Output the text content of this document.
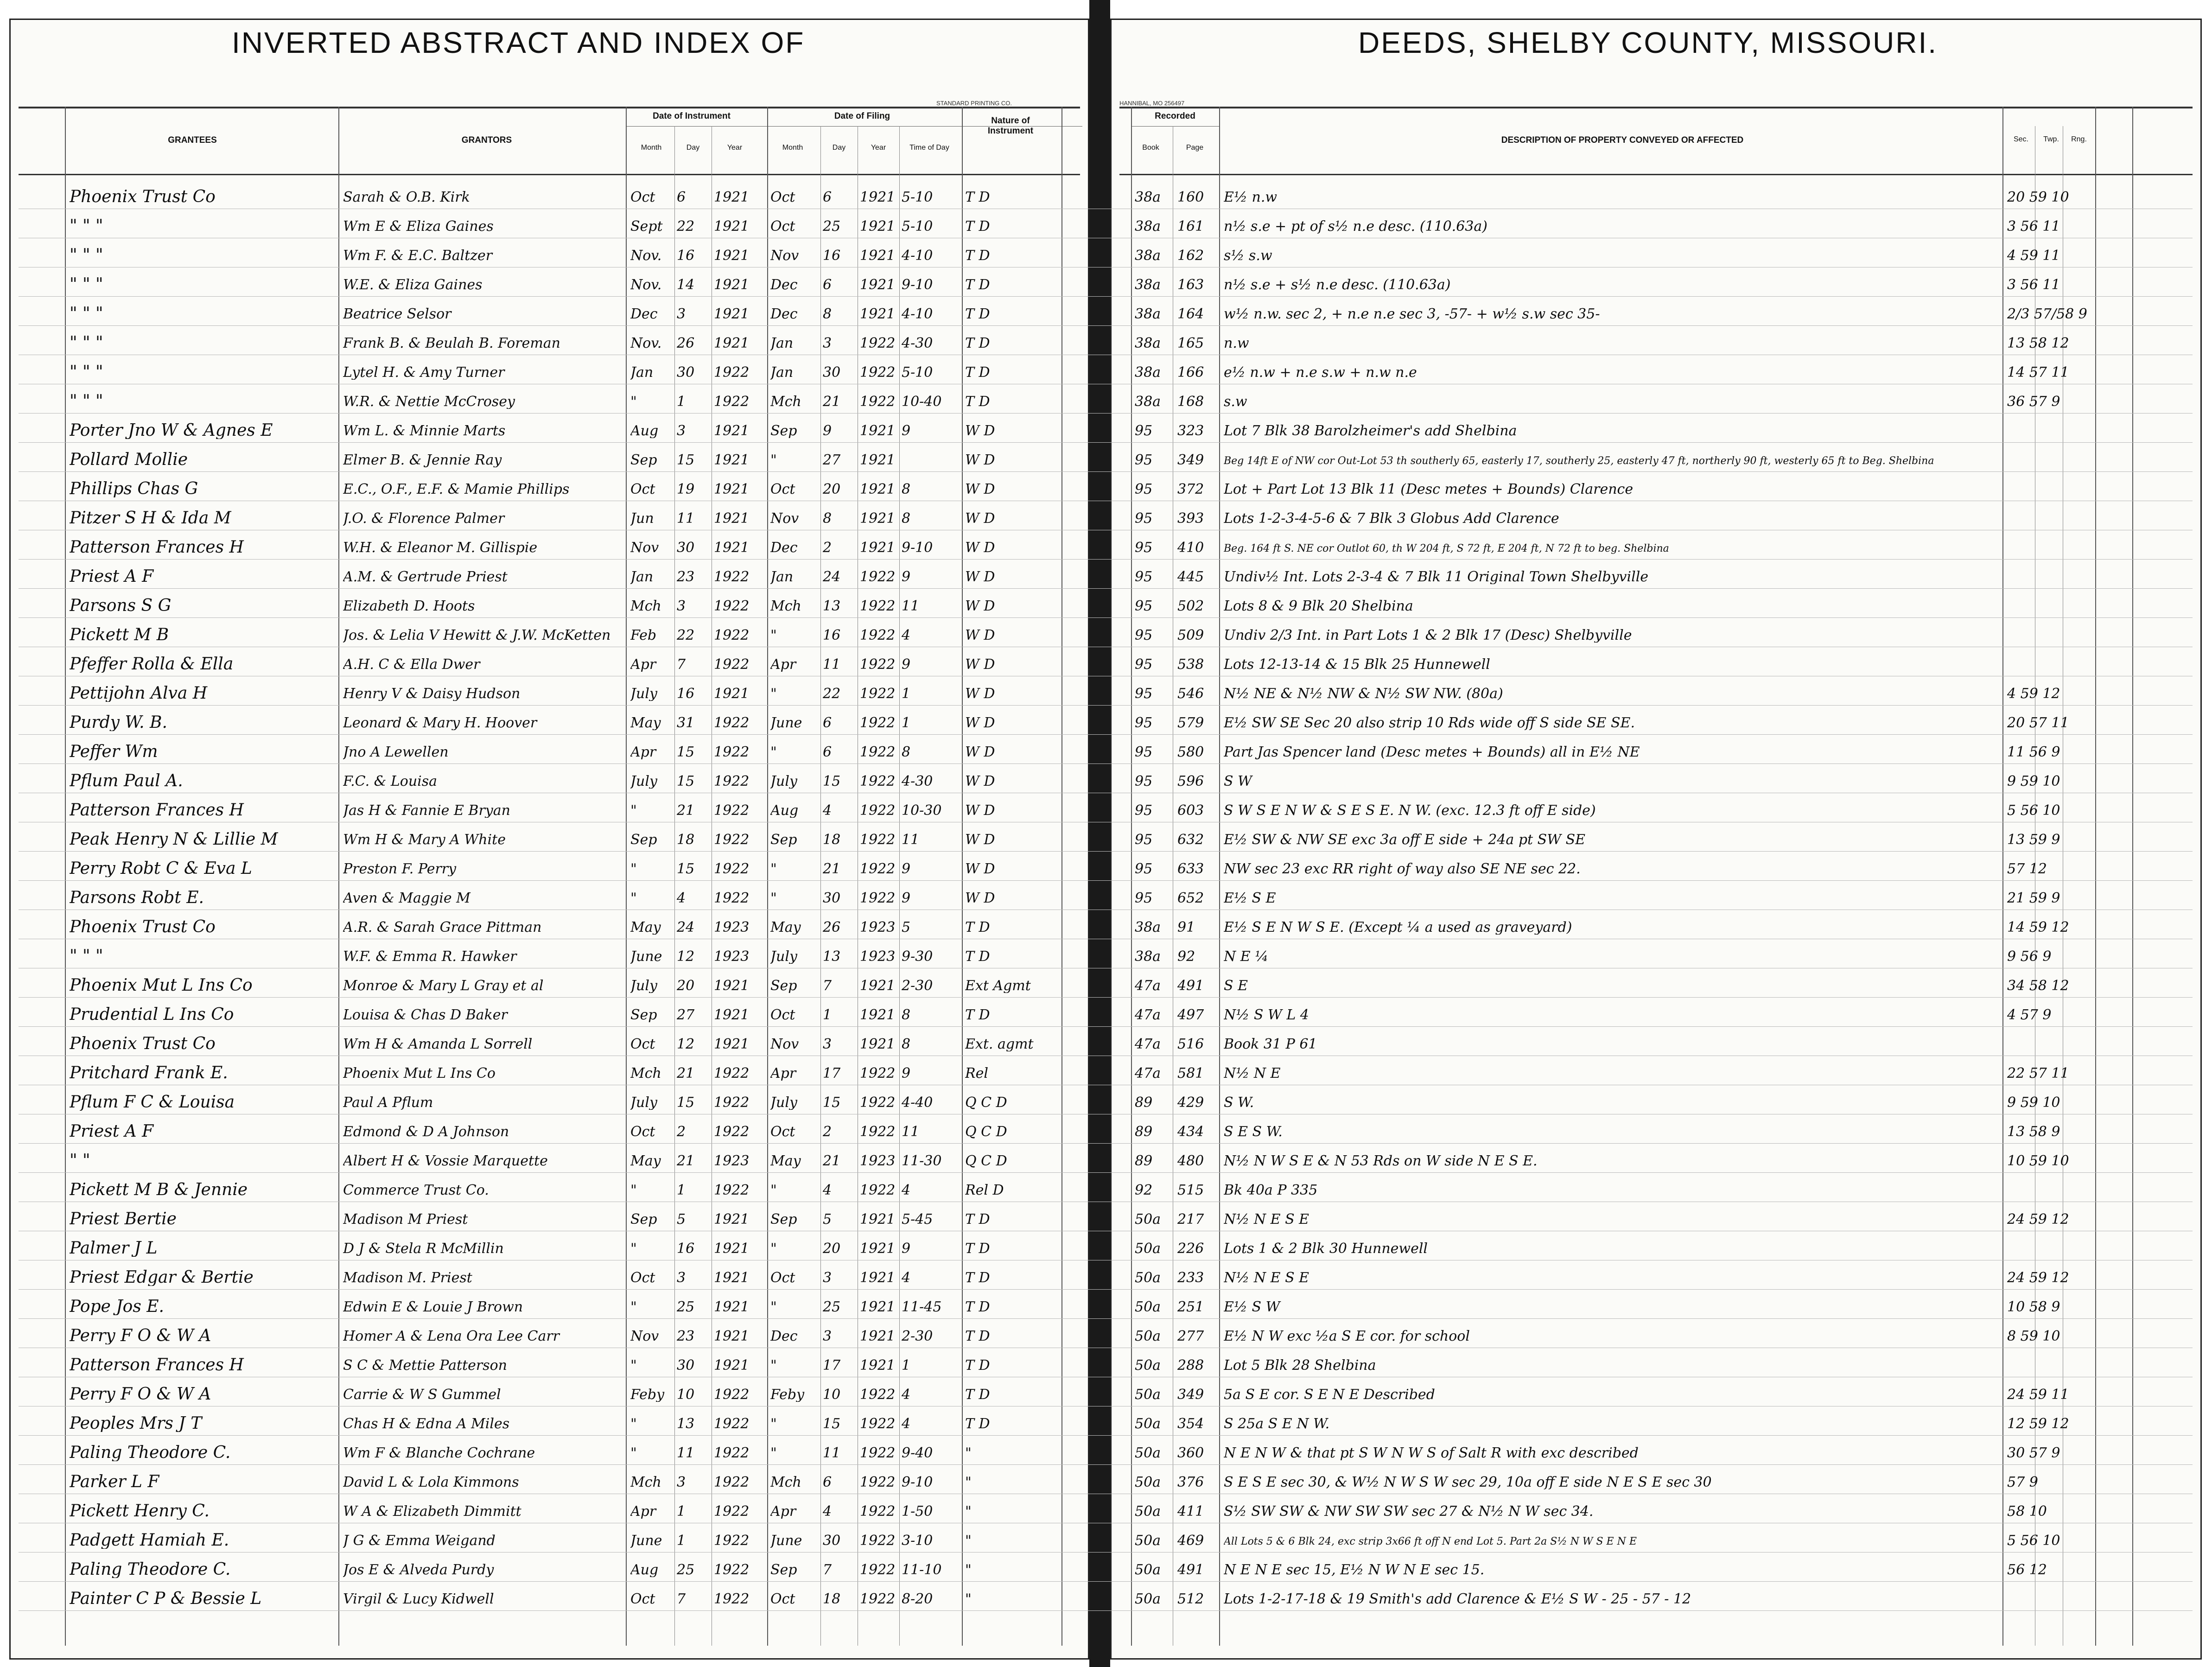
INVERTED ABSTRACT AND INDEX OF	DEEDS, SHELBY COUNTY, MISSOURI.
STANDARD PRINTING CO.	HANNIBAL, MO 256497
GRANTEES	GRANTORS
Date of Instrument	Date of Filing	Nature of Instrument
Recorded
DESCRIPTION OF PROPERTY CONVEYED OR AFFECTED
Month	Day	Year	Month	Day	Year	Time of Day	Book	Page
Sec.	Twp.	Rng.
Phoenix Trust Co	Sarah & O.B. Kirk	Oct	6	1921	Oct	6	1921 5-10	T D	38a	160	E½ n.w	20 59 10
" " "	Wm E & Eliza Gaines	Sept	22	1921	Oct	25	1921 5-10	T D	38a	161	n½ s.e + pt of s½ n.e desc. (110.63a)	3 56 11
" " "	Wm F. & E.C. Baltzer	Nov.	16	1921	Nov	16	1921 4-10	T D	38a	162	s½ s.w	4 59 11
" " "	W.E. & Eliza Gaines	Nov.	14	1921	Dec	6	1921 9-10	T D	38a	163	n½ s.e + s½ n.e desc. (110.63a)	3 56 11
" " "	Beatrice Selsor	Dec	3	1921	Dec	8	1921 4-10	T D	38a	164	w½ n.w. sec 2, + n.e n.e sec 3, -57- + w½ s.w sec 35-	2/3 57/58 9
" " "	Frank B. & Beulah B. Foreman	Nov.	26	1921	Jan	3	1922 4-30	T D	38a	165	n.w	13 58 12
" " "	Lytel H. & Amy Turner	Jan	30	1922	Jan	30	1922 5-10	T D	38a	166	e½ n.w + n.e s.w + n.w n.e	14 57 11
" " "	W.R. & Nettie McCrosey	"	1	1922	Mch	21	1922 10-40	T D	38a	168	s.w	36 57 9
Porter Jno W & Agnes E	Wm L. & Minnie Marts	Aug	3	1921	Sep	9	1921 9	W D	95	323	Lot 7 Blk 38 Barolzheimer's add Shelbina
Pollard Mollie	Elmer B. & Jennie Ray	Sep	15	1921	"	27	1921	W D	95	349	Beg 14ft E of NW cor Out-Lot 53 th southerly 65, easterly 17, southerly 25, easterly 47 ft, northerly 90 ft, westerly 65 ft to Beg. Shelbina
Phillips Chas G	E.C., O.F., E.F. & Mamie Phillips	Oct	19	1921	Oct	20	1921 8	W D	95	372	Lot + Part Lot 13 Blk 11 (Desc metes + Bounds) Clarence
Pitzer S H & Ida M	J.O. & Florence Palmer	Jun	11	1921	Nov	8	1921 8	W D	95	393	Lots 1-2-3-4-5-6 & 7 Blk 3 Globus Add Clarence
Patterson Frances H	W.H. & Eleanor M. Gillispie	Nov	30	1921	Dec	2	1921 9-10	W D	95	410	Beg. 164 ft S. NE cor Outlot 60, th W 204 ft, S 72 ft, E 204 ft, N 72 ft to beg. Shelbina
Priest A F	A.M. & Gertrude Priest	Jan	23	1922	Jan	24	1922 9	W D	95	445	Undiv½ Int. Lots 2-3-4 & 7 Blk 11 Original Town Shelbyville
Parsons S G	Elizabeth D. Hoots	Mch	3	1922	Mch	13	1922 11	W D	95	502	Lots 8 & 9 Blk 20 Shelbina
Pickett M B	Jos. & Lelia V Hewitt & J.W. McKetten	Feb	22	1922	"	16	1922 4	W D	95	509	Undiv 2/3 Int. in Part Lots 1 & 2 Blk 17 (Desc) Shelbyville
Pfeffer Rolla & Ella	A.H. C & Ella Dwer	Apr	7	1922	Apr	11	1922 9	W D	95	538	Lots 12-13-14 & 15 Blk 25 Hunnewell
Pettijohn Alva H	Henry V & Daisy Hudson	July	16	1921	"	22	1922 1	W D	95	546	N½ NE & N½ NW & N½ SW NW. (80a)	4 59 12
Purdy W. B.	Leonard & Mary H. Hoover	May	31	1922	June	6	1922 1	W D	95	579	E½ SW SE Sec 20 also strip 10 Rds wide off S side SE SE.	20 57 11
Peffer Wm	Jno A Lewellen	Apr	15	1922	"	6	1922 8	W D	95	580	Part Jas Spencer land (Desc metes + Bounds) all in E½ NE	11 56 9
Pflum Paul A.	F.C. & Louisa	July	15	1922	July	15	1922 4-30	W D	95	596	S W	9 59 10
Patterson Frances H	Jas H & Fannie E Bryan	"	21	1922	Aug	4	1922 10-30	W D	95	603	S W S E N W & S E S E. N W. (exc. 12.3 ft off E side)	5 56 10
Peak Henry N & Lillie M	Wm H & Mary A White	Sep	18	1922	Sep	18	1922 11	W D	95	632	E½ SW & NW SE exc 3a off E side + 24a pt SW SE	13 59 9
Perry Robt C & Eva L	Preston F. Perry	"	15	1922	"	21	1922 9	W D	95	633	NW sec 23 exc RR right of way also SE NE sec 22.	57 12
Parsons Robt E.	Aven & Maggie M	"	4	1922	"	30	1922 9	W D	95	652	E½ S E	21 59 9
Phoenix Trust Co	A.R. & Sarah Grace Pittman	May	24	1923	May	26	1923 5	T D	38a	91	E½ S E N W S E. (Except ¼ a used as graveyard)	14 59 12
" " "	W.F. & Emma R. Hawker	June	12	1923	July	13	1923 9-30	T D	38a	92	N E ¼	9 56 9
Phoenix Mut L Ins Co	Monroe & Mary L Gray et al	July	20	1921	Sep	7	1921 2-30	Ext Agmt	47a	491	S E	34 58 12
Prudential L Ins Co	Louisa & Chas D Baker	Sep	27	1921	Oct	1	1921 8	T D	47a	497	N½ S W L 4	4 57 9
Phoenix Trust Co	Wm H & Amanda L Sorrell	Oct	12	1921	Nov	3	1921 8	Ext. agmt	47a	516	Book 31 P 61
Pritchard Frank E.	Phoenix Mut L Ins Co	Mch	21	1922	Apr	17	1922 9	Rel	47a	581	N½ N E	22 57 11
Pflum F C & Louisa	Paul A Pflum	July	15	1922	July	15	1922 4-40	Q C D	89	429	S W.	9 59 10
Priest A F	Edmond & D A Johnson	Oct	2	1922	Oct	2	1922 11	Q C D	89	434	S E S W.	13 58 9
" "	Albert H & Vossie Marquette	May	21	1923	May	21	1923 11-30	Q C D	89	480	N½ N W S E & N 53 Rds on W side N E S E.	10 59 10
Pickett M B & Jennie	Commerce Trust Co.	"	1	1922	"	4	1922 4	Rel D	92	515	Bk 40a P 335
Priest Bertie	Madison M Priest	Sep	5	1921	Sep	5	1921 5-45	T D	50a	217	N½ N E S E	24 59 12
Palmer J L	D J & Stela R McMillin	"	16	1921	"	20	1921 9	T D	50a	226	Lots 1 & 2 Blk 30 Hunnewell
Priest Edgar & Bertie	Madison M. Priest	Oct	3	1921	Oct	3	1921 4	T D	50a	233	N½ N E S E	24 59 12
Pope Jos E.	Edwin E & Louie J Brown	"	25	1921	"	25	1921 11-45	T D	50a	251	E½ S W	10 58 9
Perry F O & W A	Homer A & Lena Ora Lee Carr	Nov	23	1921	Dec	3	1921 2-30	T D	50a	277	E½ N W exc ½a S E cor. for school	8 59 10
Patterson Frances H	S C & Mettie Patterson	"	30	1921	"	17	1921 1	T D	50a	288	Lot 5 Blk 28 Shelbina
Perry F O & W A	Carrie & W S Gummel	Feby 10	1922	Feby	10	1922 4	T D	50a	349	5a S E cor. S E N E Described	24 59 11
Peoples Mrs J T	Chas H & Edna A Miles	"	13	1922	"	15	1922 4	T D	50a	354	S 25a S E N W.	12 59 12
Paling Theodore C.	Wm F & Blanche Cochrane	"	11	1922	"	11	1922 9-40	"	50a	360	N E N W & that pt S W N W S of Salt R with exc described	30 57 9
Parker L F	David L & Lola Kimmons	Mch	3	1922	Mch	6	1922 9-10	"	50a	376	S E S E sec 30, & W½ N W S W sec 29, 10a off E side N E S E sec 30	57 9
Pickett Henry C.	W A & Elizabeth Dimmitt	Apr	1	1922	Apr	4	1922 1-50	"	50a	411	S½ SW SW & NW SW SW sec 27 & N½ N W sec 34.	58 10
Padgett Hamiah E.	J G & Emma Weigand	June	1	1922	June	30	1922 3-10	"	50a	469	All Lots 5 & 6 Blk 24, exc strip 3x66 ft off N end Lot 5. Part 2a S½ N W S E N E	5 56 10
Paling Theodore C.	Jos E & Alveda Purdy	Aug	25	1922	Sep	7	1922 11-10	"	50a	491	N E N E sec 15, E½ N W N E sec 15.	56 12
Painter C P & Bessie L	Virgil & Lucy Kidwell	Oct	7	1922	Oct	18	1922 8-20	"	50a	512	Lots 1-2-17-18 & 19 Smith's add Clarence & E½ S W - 25 - 57 - 12
